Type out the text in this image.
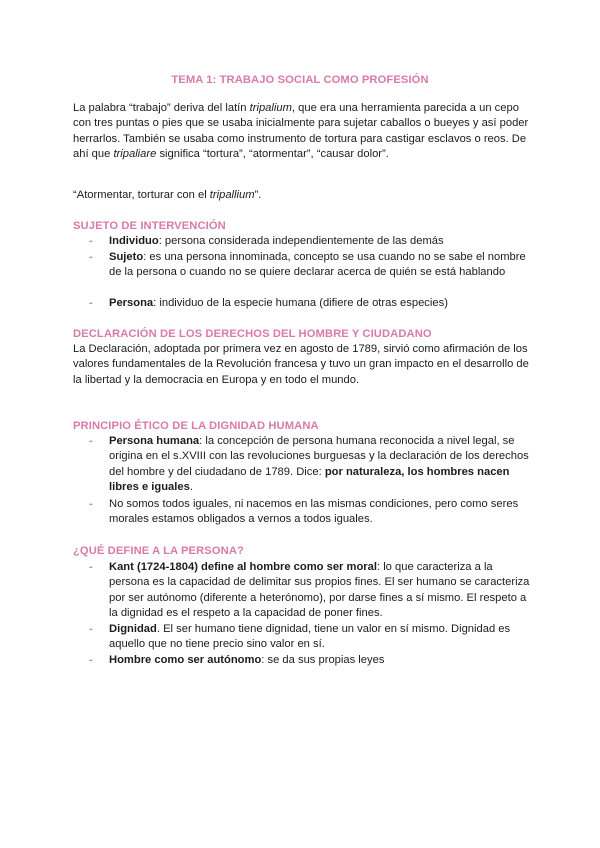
TEMA 1: TRABAJO SOCIAL COMO PROFESIÓN
La palabra “trabajo” deriva del latín tripalium, que era una herramienta parecida a un cepo con tres puntas o pies que se usaba inicialmente para sujetar caballos o bueyes y así poder herrarlos. También se usaba como instrumento de tortura para castigar esclavos o reos. De ahí que tripaliare significa “tortura”, “atormentar”, “causar dolor”.
“Atormentar, torturar con el tripallium”.
SUJETO DE INTERVENCIÓN
- Individuo: persona considerada independientemente de las demás
- Sujeto: es una persona innominada, concepto se usa cuando no se sabe el nombre de la persona o cuando no se quiere declarar acerca de quién se está hablando
- Persona: individuo de la especie humana (difiere de otras especies)
DECLARACIÓN DE LOS DERECHOS DEL HOMBRE Y CIUDADANO
La Declaración, adoptada por primera vez en agosto de 1789, sirvió como afirmación de los valores fundamentales de la Revolución francesa y tuvo un gran impacto en el desarrollo de la libertad y la democracia en Europa y en todo el mundo.
PRINCIPIO ÉTICO DE LA DIGNIDAD HUMANA
- Persona humana: la concepción de persona humana reconocida a nivel legal, se origina en el s.XVIII con las revoluciones burguesas y la declaración de los derechos del hombre y del ciudadano de 1789. Dice: por naturaleza, los hombres nacen libres e iguales.
- No somos todos iguales, ni nacemos en las mismas condiciones, pero como seres morales estamos obligados a vernos a todos iguales.
¿QUÉ DEFINE A LA PERSONA?
- Kant (1724-1804) define al hombre como ser moral: lo que caracteriza a la persona es la capacidad de delimitar sus propios fines. El ser humano se caracteriza por ser autónomo (diferente a heterónomo), por darse fines a sí mismo. El respeto a la dignidad es el respeto a la capacidad de poner fines.
- Dignidad. El ser humano tiene dignidad, tiene un valor en sí mismo. Dignidad es aquello que no tiene precio sino valor en sí.
- Hombre como ser autónomo: se da sus propias leyes
